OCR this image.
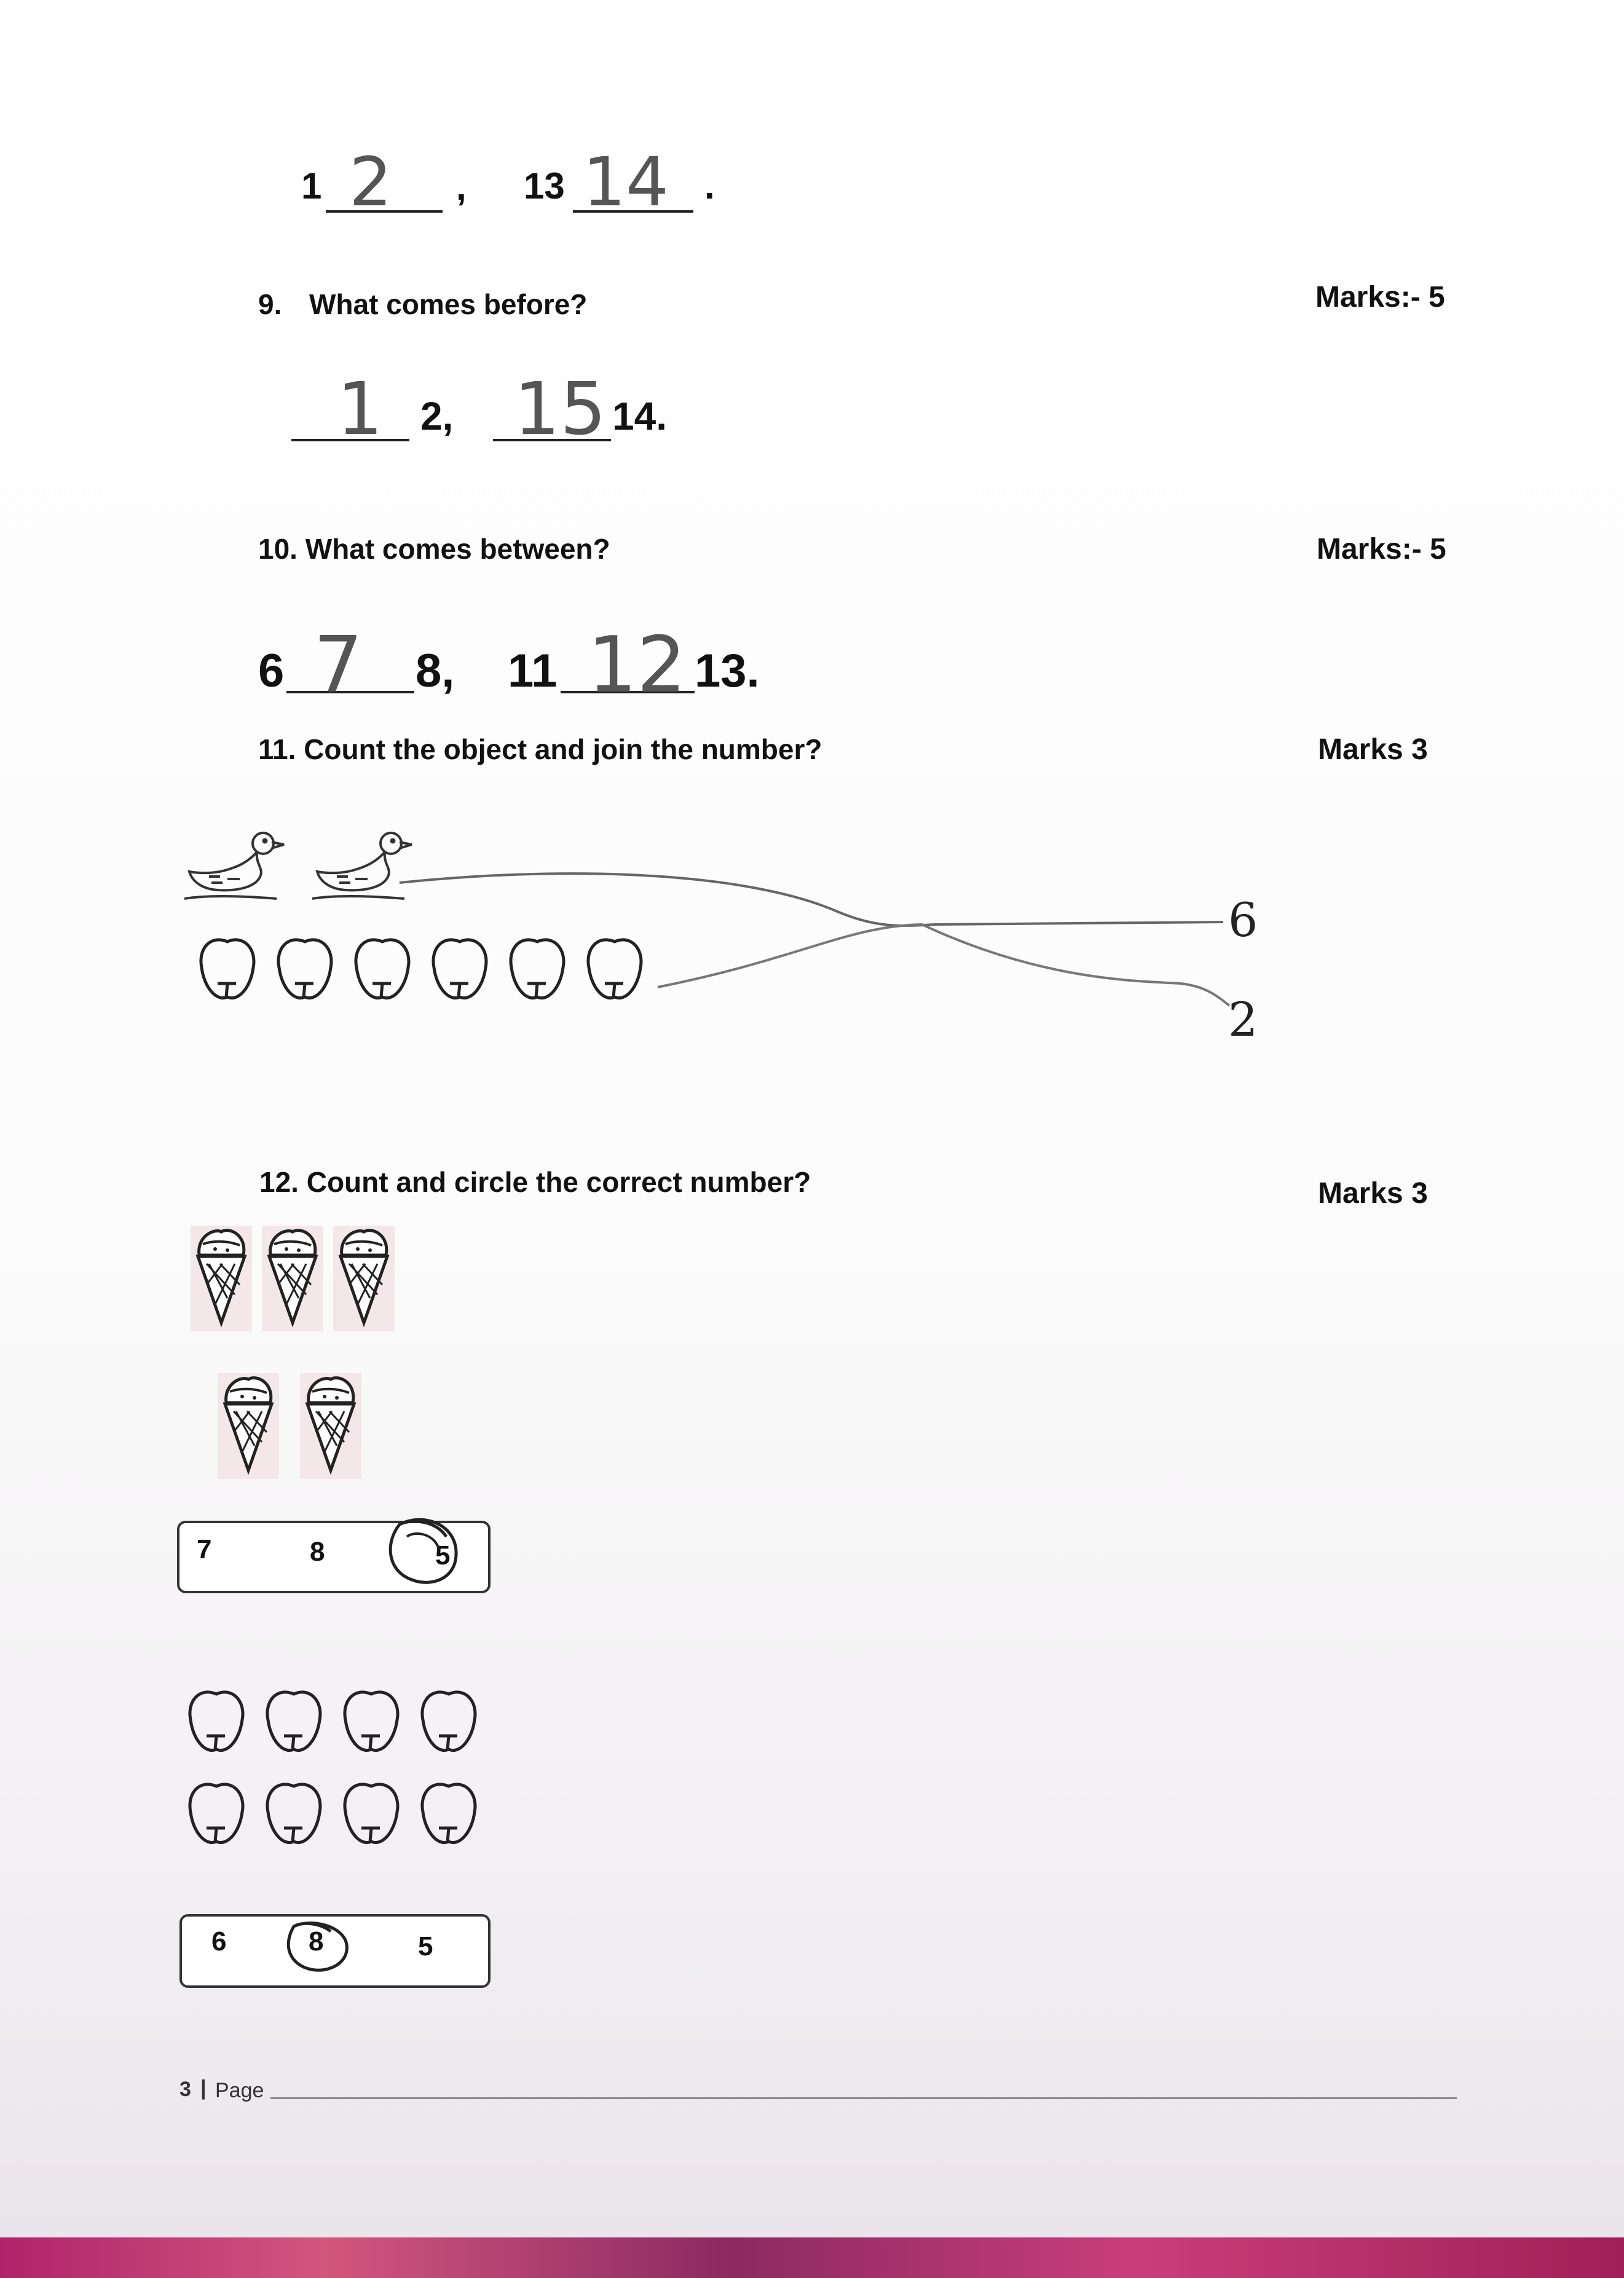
1 2 , 13 14 .
9. What comes before?	Marks:- 5
1 2, 15 14.
10. What comes between?	Marks:- 5
6 7 8, 11 12 13.
11. Count the object and join the number?	Marks 3
6
2
12. Count and circle the correct number?	Marks 3
7	8	5
6	8	5
3 | Page
